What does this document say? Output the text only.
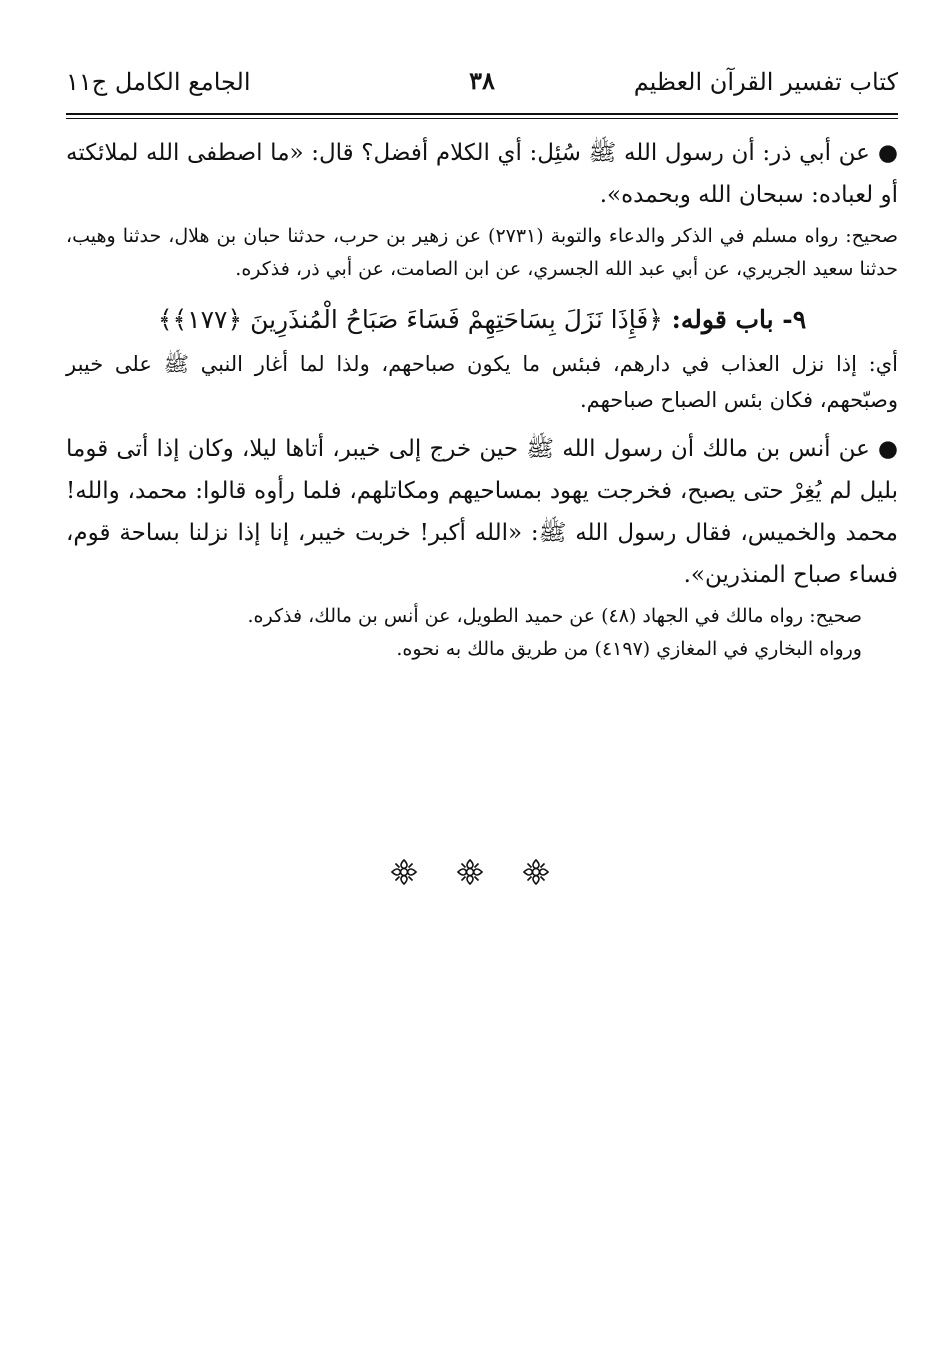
كتاب تفسير القرآن العظيم
٣٨
الجامع الكامل ج١١

●عن أبي ذر: أن رسول الله ﷺ سُئِل: أي الكلام أفضل؟ قال: «ما اصطفى الله لملائكته أو لعباده: سبحان الله وبحمده».

صحيح: رواه مسلم في الذكر والدعاء والتوبة (٢٧٣١) عن زهير بن حرب، حدثنا حبان بن هلال، حدثنا وهيب، حدثنا سعيد الجريري، عن أبي عبد الله الجسري، عن ابن الصامت، عن أبي ذر، فذكره.

٩- باب قوله: ﴿فَإِذَا نَزَلَ بِسَاحَتِهِمْ فَسَاءَ صَبَاحُ الْمُنذَرِينَ ﴿١٧٧﴾﴾

أي: إذا نزل العذاب في دارهم، فبئس ما يكون صباحهم، ولذا لما أغار النبي ﷺ على خيبر وصبّحهم، فكان بئس الصباح صباحهم.

●عن أنس بن مالك أن رسول الله ﷺ حين خرج إلى خيبر، أتاها ليلا، وكان إذا أتى قوما بليل لم يُغِرْ حتى يصبح، فخرجت يهود بمساحيهم ومكاتلهم، فلما رأوه قالوا: محمد، والله! محمد والخميس، فقال رسول الله ﷺ: «الله أكبر! خربت خيبر، إنا إذا نزلنا بساحة قوم، فساء صباح المنذرين».

صحيح: رواه مالك في الجهاد (٤٨) عن حميد الطويل، عن أنس بن مالك، فذكره.

ورواه البخاري في المغازي (٤١٩٧) من طريق مالك به نحوه.
